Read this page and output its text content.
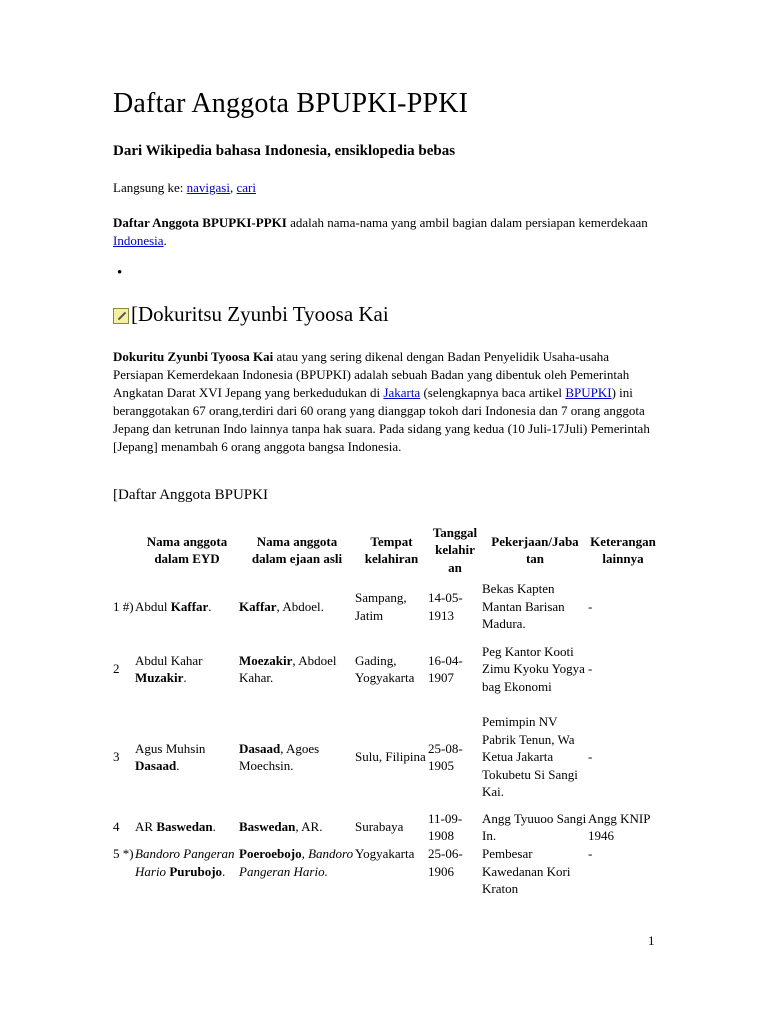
Daftar Anggota BPUPKI-PPKI
Dari Wikipedia bahasa Indonesia, ensiklopedia bebas
Langsung ke: navigasi, cari
Daftar Anggota BPUPKI-PPKI adalah nama-nama yang ambil bagian dalam persiapan kemerdekaan Indonesia.
•
[ Dokuritsu Zyunbi Tyoosa Kai
Dokuritu Zyunbi Tyoosa Kai atau yang sering dikenal dengan Badan Penyelidik Usaha-usaha Persiapan Kemerdekaan Indonesia (BPUPKI) adalah sebuah Badan yang dibentuk oleh Pemerintah Angkatan Darat XVI Jepang yang berkedudukan di Jakarta (selengkapnya baca artikel BPUPKI) ini beranggotakan 67 orang,terdiri dari 60 orang yang dianggap tokoh dari Indonesia dan 7 orang anggota Jepang dan ketrunan Indo lainnya tanpa hak suara. Pada sidang yang kedua (10 Juli-17Juli) Pemerintah [Jepang] menambah 6 orang anggota bangsa Indonesia.
[Daftar Anggota BPUPKI
	Nama anggota dalam EYD	Nama anggota dalam ejaan asli	Tempat kelahiran	Tanggal kelahir an	Pekerjaan/Jaba tan	Keterangan lainnya
1 #)	Abdul Kaffar.	Kaffar, Abdoel.	Sampang, Jatim	14-05-1913	Bekas Kapten Mantan Barisan Madura.	-
2	Abdul Kahar Muzakir.	Moezakir, Abdoel Kahar.	Gading, Yogyakarta	16-04-1907	Peg Kantor Kooti Zimu Kyoku Yogya bag Ekonomi	-
3	Agus Muhsin Dasaad.	Dasaad, Agoes Moechsin.	Sulu, Filipina	25-08-1905	Pemimpin NV Pabrik Tenun, Wa Ketua Jakarta Tokubetu Si Sangi Kai.	-
4	AR Baswedan.	Baswedan, AR.	Surabaya	11-09-1908	Angg Tyuuoo Sangi In.	Angg KNIP 1946
5 *)	Bandoro Pangeran Hario Purubojo.	Poeroebojo, Bandoro Pangeran Hario.	Yogyakarta	25-06-1906	Pembesar Kawedanan Kori Kraton	-
1
